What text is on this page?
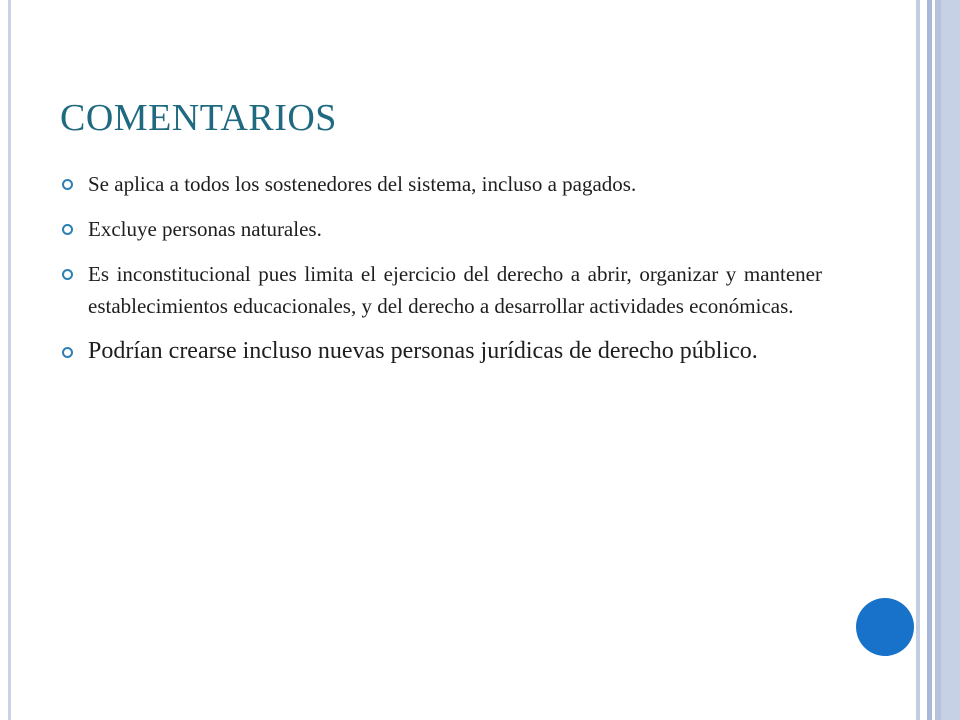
COMENTARIOS
Se aplica a todos los sostenedores del sistema, incluso a pagados.
Excluye personas naturales.
Es inconstitucional pues limita el ejercicio del derecho a abrir, organizar y mantener establecimientos educacionales, y del derecho a desarrollar actividades económicas.
Podrían crearse incluso nuevas personas jurídicas de derecho público.
